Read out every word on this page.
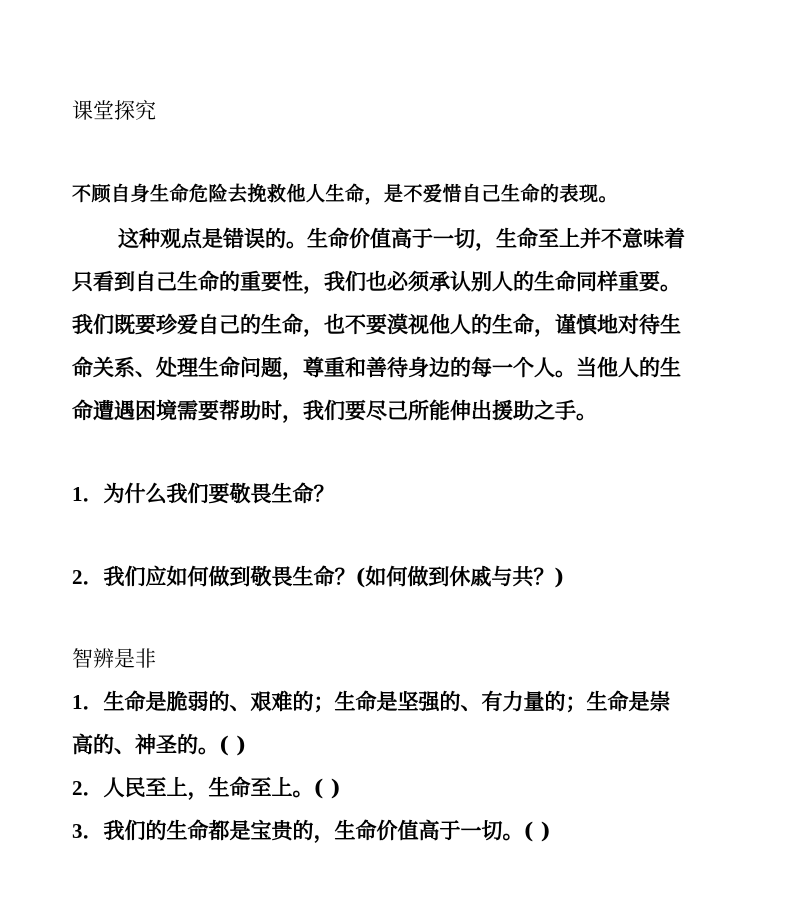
课堂探究
不顾自身生命危险去挽救他人生命，是不爱惜自己生命的表现。
这种观点是错误的。生命价值高于一切，生命至上并不意味着
只看到自己生命的重要性，我们也必须承认别人的生命同样重要。
我们既要珍爱自己的生命，也不要漠视他人的生命，谨慎地对待生
命关系、处理生命问题，尊重和善待身边的每一个人。当他人的生
命遭遇困境需要帮助时，我们要尽己所能伸出援助之手。
1．为什么我们要敬畏生命？
2．我们应如何做到敬畏生命？(如何做到休戚与共？)
智辨是非
1．生命是脆弱的、艰难的；生命是坚强的、有力量的；生命是崇
高的、神圣的。( )
2．人民至上，生命至上。( )
3．我们的生命都是宝贵的，生命价值高于一切。( )
